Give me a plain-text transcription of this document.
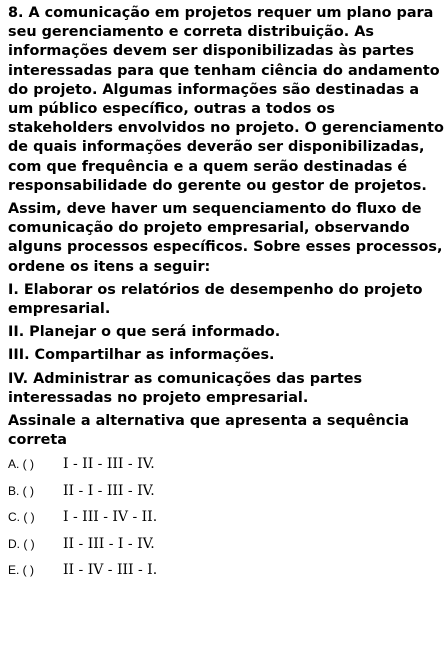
8. A comunicação em projetos requer um plano para seu gerenciamento e correta distribuição. As informações devem ser disponibilizadas às partes interessadas para que tenham ciência do andamento do projeto. Algumas informações são destinadas a um público específico, outras a todos os stakeholders envolvidos no projeto. O gerenciamento de quais informações deverão ser disponibilizadas, com que frequência e a quem serão destinadas é responsabilidade do gerente ou gestor de projetos.

Assim, deve haver um sequenciamento do fluxo de comunicação do projeto empresarial, observando alguns processos específicos. Sobre esses processos, ordene os itens a seguir:

I. Elaborar os relatórios de desempenho do projeto empresarial.

II. Planejar o que será informado.

III. Compartilhar as informações.

IV. Administrar as comunicações das partes interessadas no projeto empresarial.

Assinale a alternativa que apresenta a sequência correta

A. ( )	I - II - III - IV.
B. ( )	II - I - III - IV.
C. ( )	I - III - IV - II.
D. ( )	II - III - I - IV.
E. ( )	II - IV - III - I.
